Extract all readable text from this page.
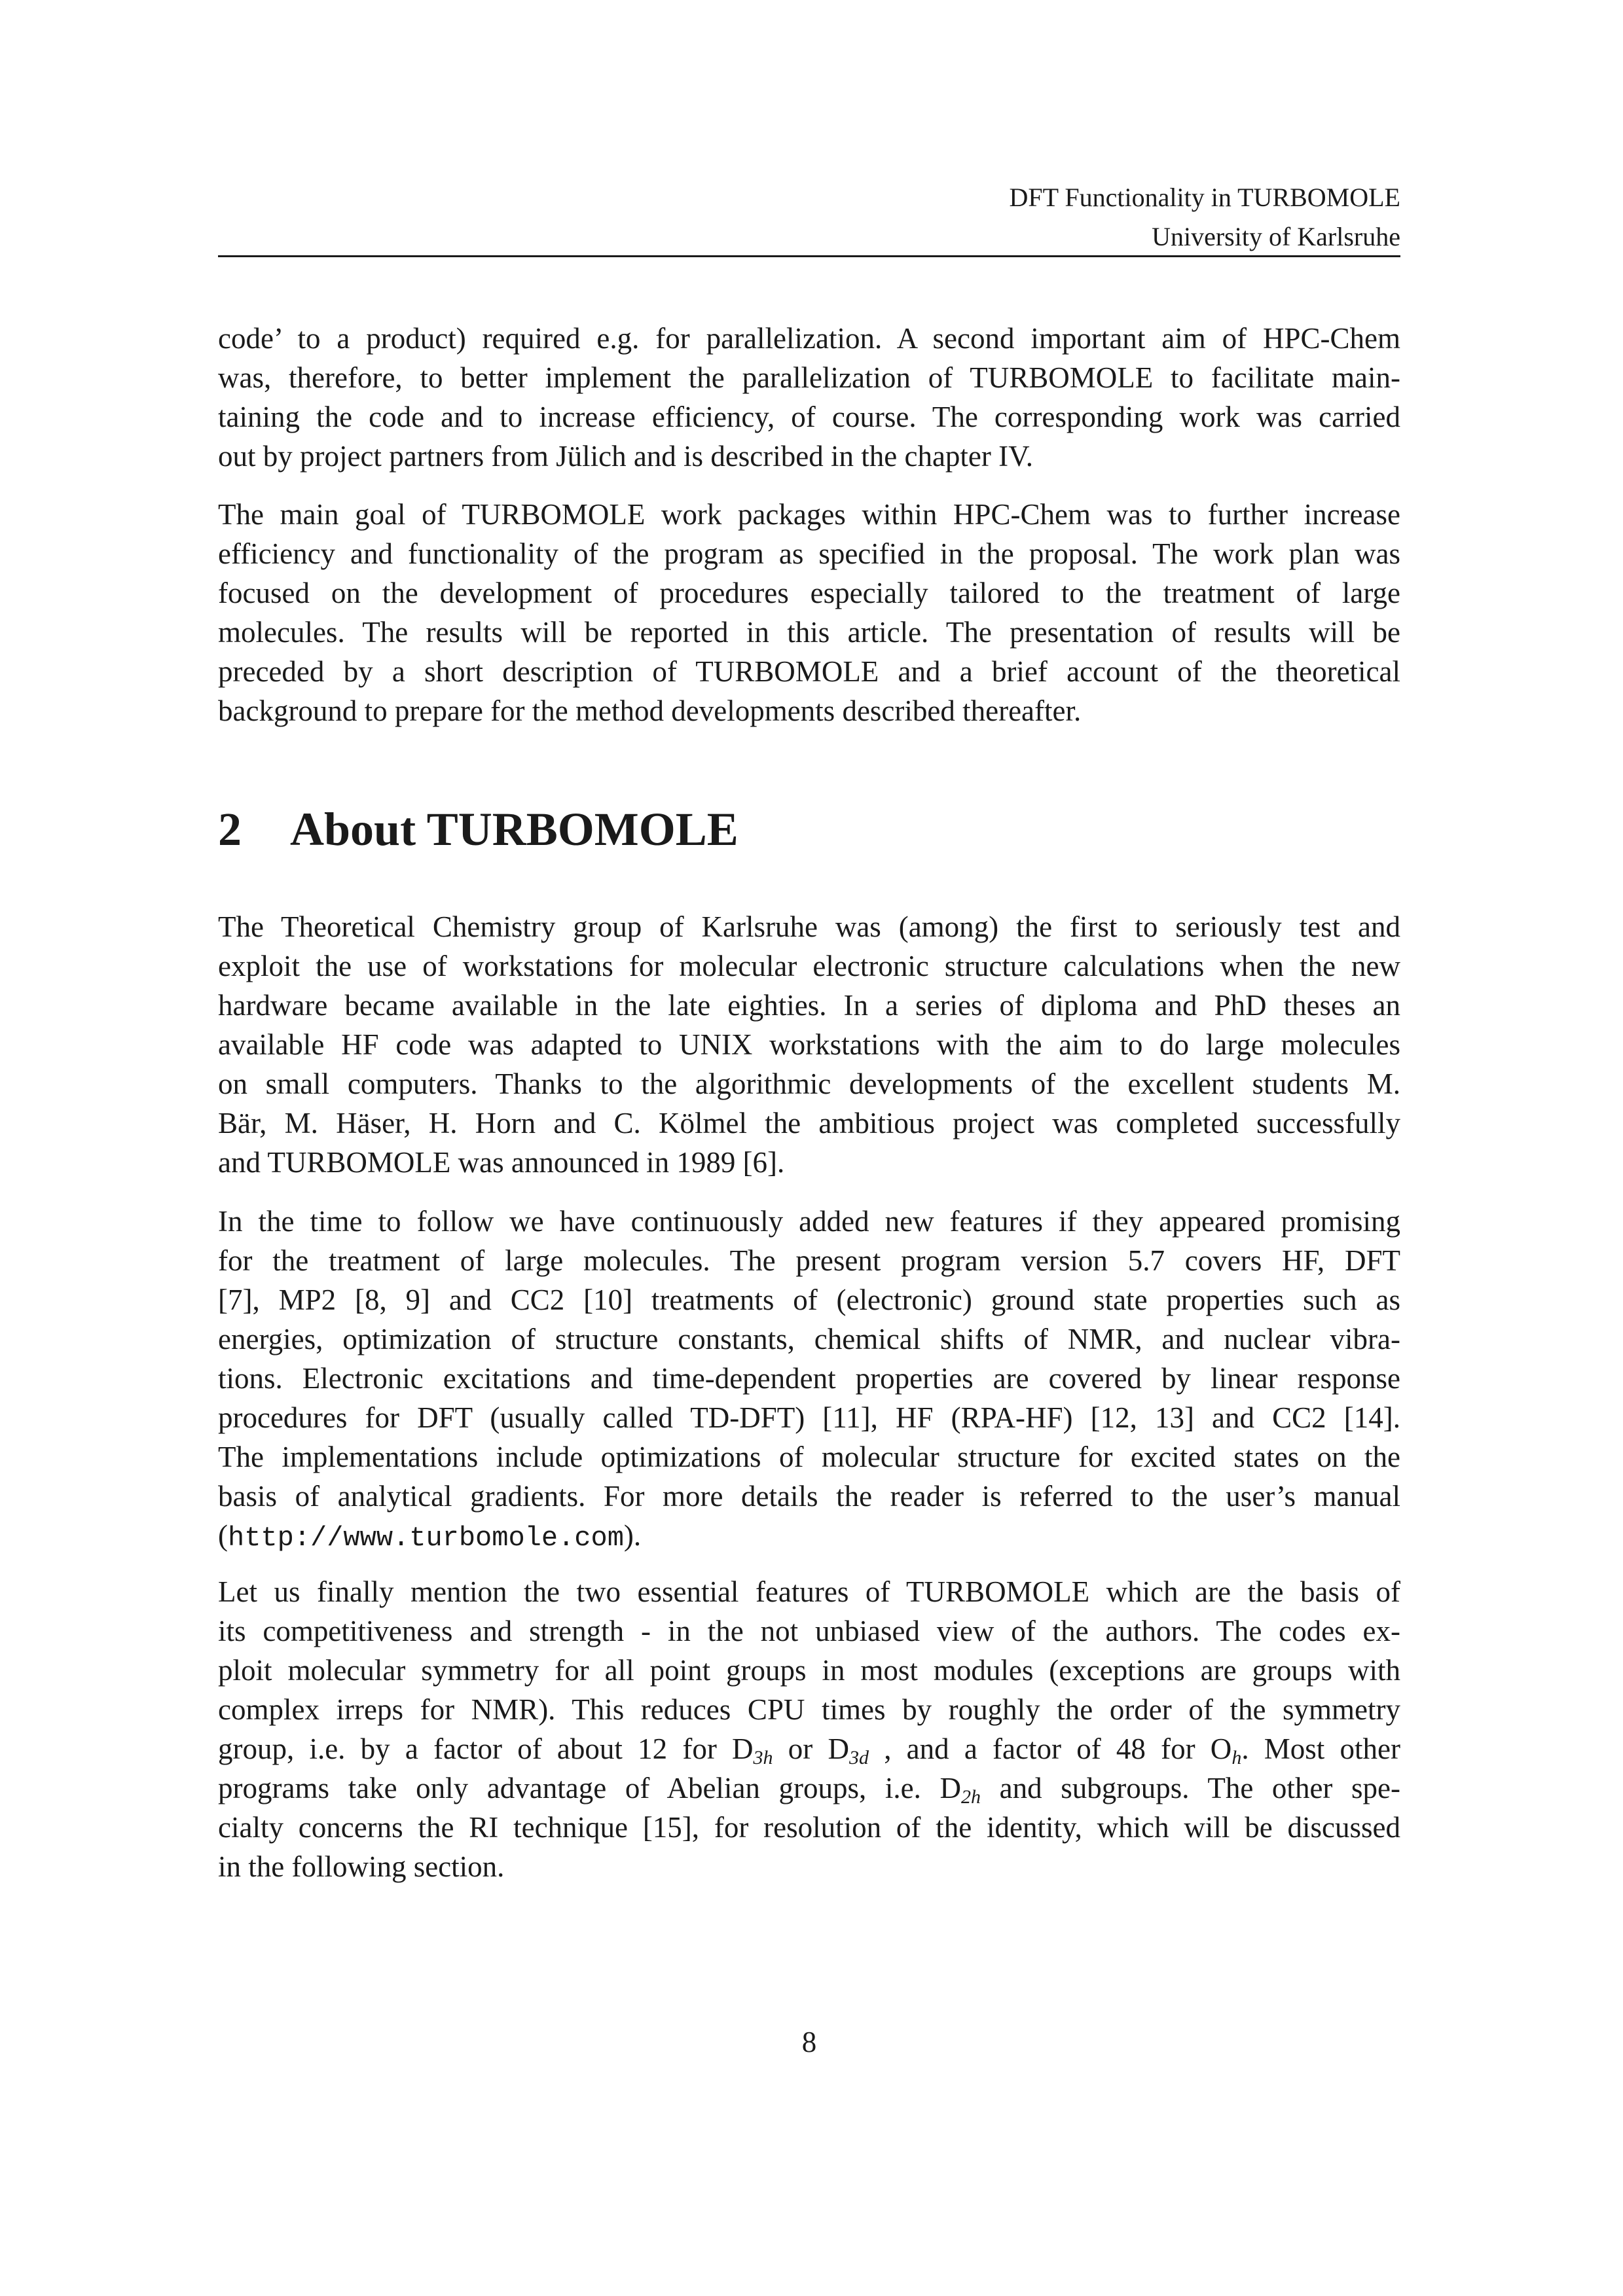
DFT Functionality in TURBOMOLE
University of Karlsruhe
code’ to a product) required e.g. for parallelization. A second important aim of HPC-Chem
was, therefore, to better implement the parallelization of TURBOMOLE to facilitate main-
taining the code and to increase efficiency, of course. The corresponding work was carried
out by project partners from Jülich and is described in the chapter IV.
The main goal of TURBOMOLE work packages within HPC-Chem was to further increase
efficiency and functionality of the program as specified in the proposal. The work plan was
focused on the development of procedures especially tailored to the treatment of large
molecules. The results will be reported in this article. The presentation of results will be
preceded by a short description of TURBOMOLE and a brief account of the theoretical
background to prepare for the method developments described thereafter.
2 About TURBOMOLE
The Theoretical Chemistry group of Karlsruhe was (among) the first to seriously test and
exploit the use of workstations for molecular electronic structure calculations when the new
hardware became available in the late eighties. In a series of diploma and PhD theses an
available HF code was adapted to UNIX workstations with the aim to do large molecules
on small computers. Thanks to the algorithmic developments of the excellent students M.
Bär, M. Häser, H. Horn and C. Kölmel the ambitious project was completed successfully
and TURBOMOLE was announced in 1989 [6].
In the time to follow we have continuously added new features if they appeared promising
for the treatment of large molecules. The present program version 5.7 covers HF, DFT
[7], MP2 [8, 9] and CC2 [10] treatments of (electronic) ground state properties such as
energies, optimization of structure constants, chemical shifts of NMR, and nuclear vibra-
tions. Electronic excitations and time-dependent properties are covered by linear response
procedures for DFT (usually called TD-DFT) [11], HF (RPA-HF) [12, 13] and CC2 [14].
The implementations include optimizations of molecular structure for excited states on the
basis of analytical gradients. For more details the reader is referred to the user’s manual
(http://www.turbomole.com).
Let us finally mention the two essential features of TURBOMOLE which are the basis of
its competitiveness and strength - in the not unbiased view of the authors. The codes ex-
ploit molecular symmetry for all point groups in most modules (exceptions are groups with
complex irreps for NMR). This reduces CPU times by roughly the order of the symmetry
group, i.e. by a factor of about 12 for $D_{3h}$ or $D_{3d}$ , and a factor of 48 for $O_h$. Most other
programs take only advantage of Abelian groups, i.e. $D_{2h}$ and subgroups. The other spe-
cialty concerns the RI technique [15], for resolution of the identity, which will be discussed
in the following section.
8
